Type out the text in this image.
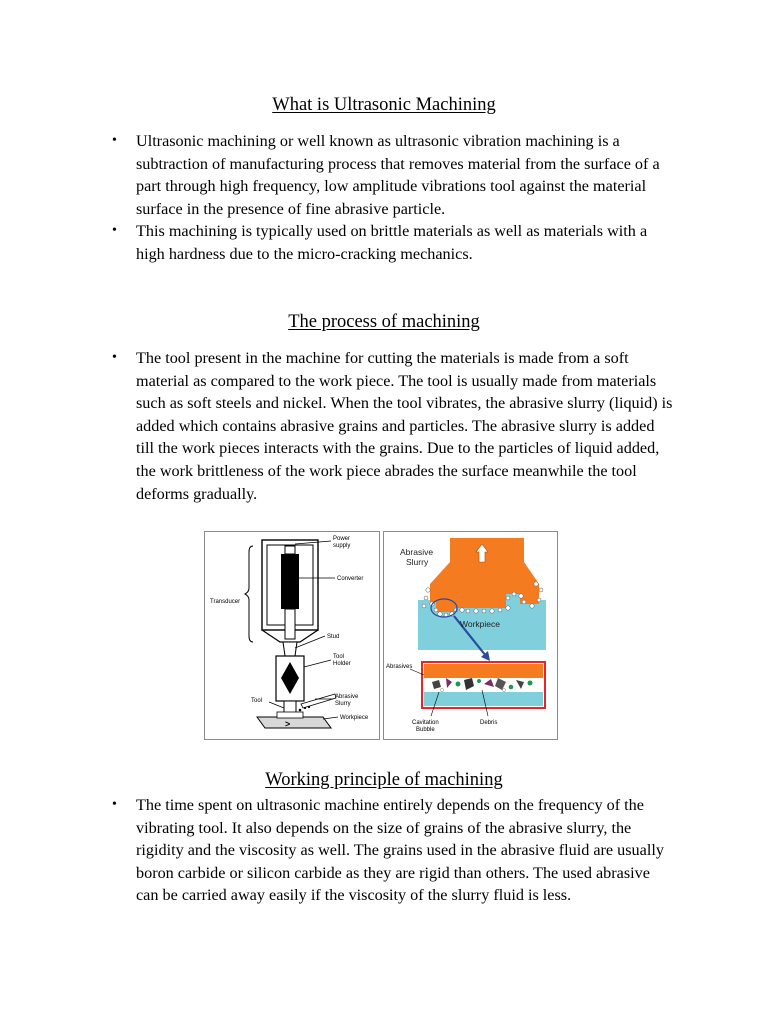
What is Ultrasonic Machining
• Ultrasonic machining or well known as ultrasonic vibration machining is a subtraction of manufacturing process that removes material from the surface of a part through high frequency, low amplitude vibrations tool against the material surface in the presence of fine abrasive particle.
• This machining is typically used on brittle materials as well as materials with a high hardness due to the micro-cracking mechanics.
The process of machining
• The tool present in the machine for cutting the materials is made from a soft material as compared to the work piece. The tool is usually made from materials such as soft steels and nickel. When the tool vibrates, the abrasive slurry (liquid) is added which contains abrasive grains and particles. The abrasive slurry is added till the work pieces interacts with the grains. Due to the particles of liquid added, the work brittleness of the work piece abrades the surface meanwhile the tool deforms gradually.
>
Power
supply
Converter
Transducer
Stud
Tool
Holder
Tool
Abrasive
Slurry
Workpiece
Abrasive
Slurry
Workpiece
Abrasives
Cavitation
Bubble
Debris
Working principle of machining
• The time spent on ultrasonic machine entirely depends on the frequency of the vibrating tool. It also depends on the size of grains of the abrasive slurry, the rigidity and the viscosity as well. The grains used in the abrasive fluid are usually boron carbide or silicon carbide as they are rigid than others. The used abrasive can be carried away easily if the viscosity of the slurry fluid is less.
